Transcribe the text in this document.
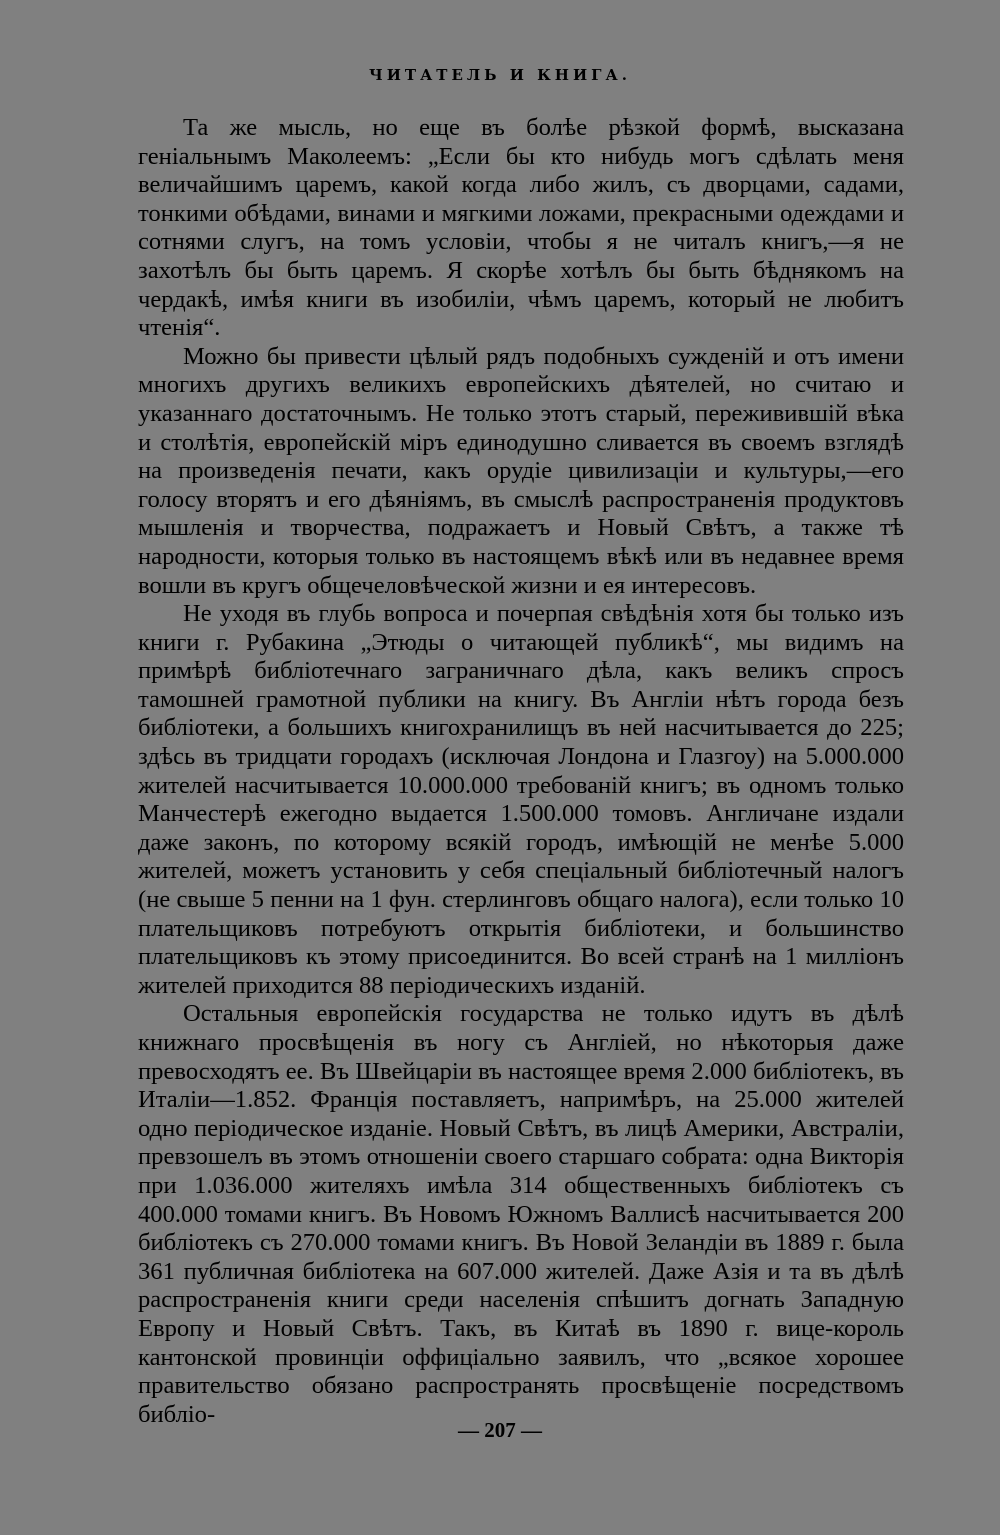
ЧИТАТЕЛЬ И КНИГА.

Та же мысль, но еще въ болѣе рѣзкой формѣ, высказана геніальнымъ Маколеемъ: „Если бы кто нибудь могъ сдѣлать меня величайшимъ царемъ, какой когда либо жилъ, съ дворцами, садами, тонкими обѣдами, винами и мягкими ложами, прекрасными одеждами и сотнями слугъ, на томъ условіи, чтобы я не читалъ книгъ,—я не захотѣлъ бы быть царемъ. Я скорѣе хотѣлъ бы быть бѣднякомъ на чердакѣ, имѣя книги въ изобиліи, чѣмъ царемъ, который не любитъ чтенія“.

Можно бы привести цѣлый рядъ подобныхъ сужденій и отъ имени многихъ другихъ великихъ европейскихъ дѣятелей, но считаю и указаннаго достаточнымъ. Не только этотъ старый, переживившій вѣка и столѣтія, европейскій міръ единодушно сливается въ своемъ взглядѣ на произведенія печати, какъ орудіе цивилизаціи и культуры,—его голосу вторятъ и его дѣяніямъ, въ смыслѣ распространенія продуктовъ мышленія и творчества, подражаетъ и Новый Свѣтъ, а также тѣ народности, которыя только въ настоящемъ вѣкѣ или въ недавнее время вошли въ кругъ общечеловѣческой жизни и ея интересовъ.

Не уходя въ глубь вопроса и почерпая свѣдѣнія хотя бы только изъ книги г. Рубакина „Этюды о читающей публикѣ“, мы видимъ на примѣрѣ библіотечнаго заграничнаго дѣла, какъ великъ спросъ тамошней грамотной публики на книгу. Въ Англіи нѣтъ города безъ библіотеки, а большихъ книгохранилищъ въ ней насчитывается до 225; здѣсь въ тридцати городахъ (исключая Лондона и Глазгоу) на 5.000.000 жителей насчитывается 10.000.000 требованій книгъ; въ одномъ только Манчестерѣ ежегодно выдается 1.500.000 томовъ. Англичане издали даже законъ, по которому всякій городъ, имѣющій не менѣе 5.000 жителей, можетъ установить у себя спеціальный библіотечный налогъ (не свыше 5 пенни на 1 фун. стерлинговъ общаго налога), если только 10 плательщиковъ потребуютъ открытія библіотеки, и большинство плательщиковъ къ этому присоединится. Во всей странѣ на 1 милліонъ жителей приходится 88 періодическихъ изданій.

Остальныя европейскія государства не только идутъ въ дѣлѣ книжнаго просвѣщенія въ ногу съ Англіей, но нѣкоторыя даже превосходятъ ее. Въ Швейцаріи въ настоящее время 2.000 библіотекъ, въ Италіи—1.852. Франція поставляетъ, напримѣръ, на 25.000 жителей одно періодическое изданіе. Новый Свѣтъ, въ лицѣ Америки, Австраліи, превзошелъ въ этомъ отношеніи своего старшаго собрата: одна Викторія при 1.036.000 жителяхъ имѣла 314 общественныхъ библіотекъ съ 400.000 томами книгъ. Въ Новомъ Южномъ Валлисѣ насчитывается 200 библіотекъ съ 270.000 томами книгъ. Въ Новой Зеландіи въ 1889 г. была 361 публичная библіотека на 607.000 жителей. Даже Азія и та въ дѣлѣ распространенія книги среди населенія спѣшитъ догнать Западную Европу и Новый Свѣтъ. Такъ, въ Китаѣ въ 1890 г. вице-король кантонской провинціи оффиціально заявилъ, что „всякое хорошее правительство обязано распространять просвѣщеніе посредствомъ библіо-

— 207 —
